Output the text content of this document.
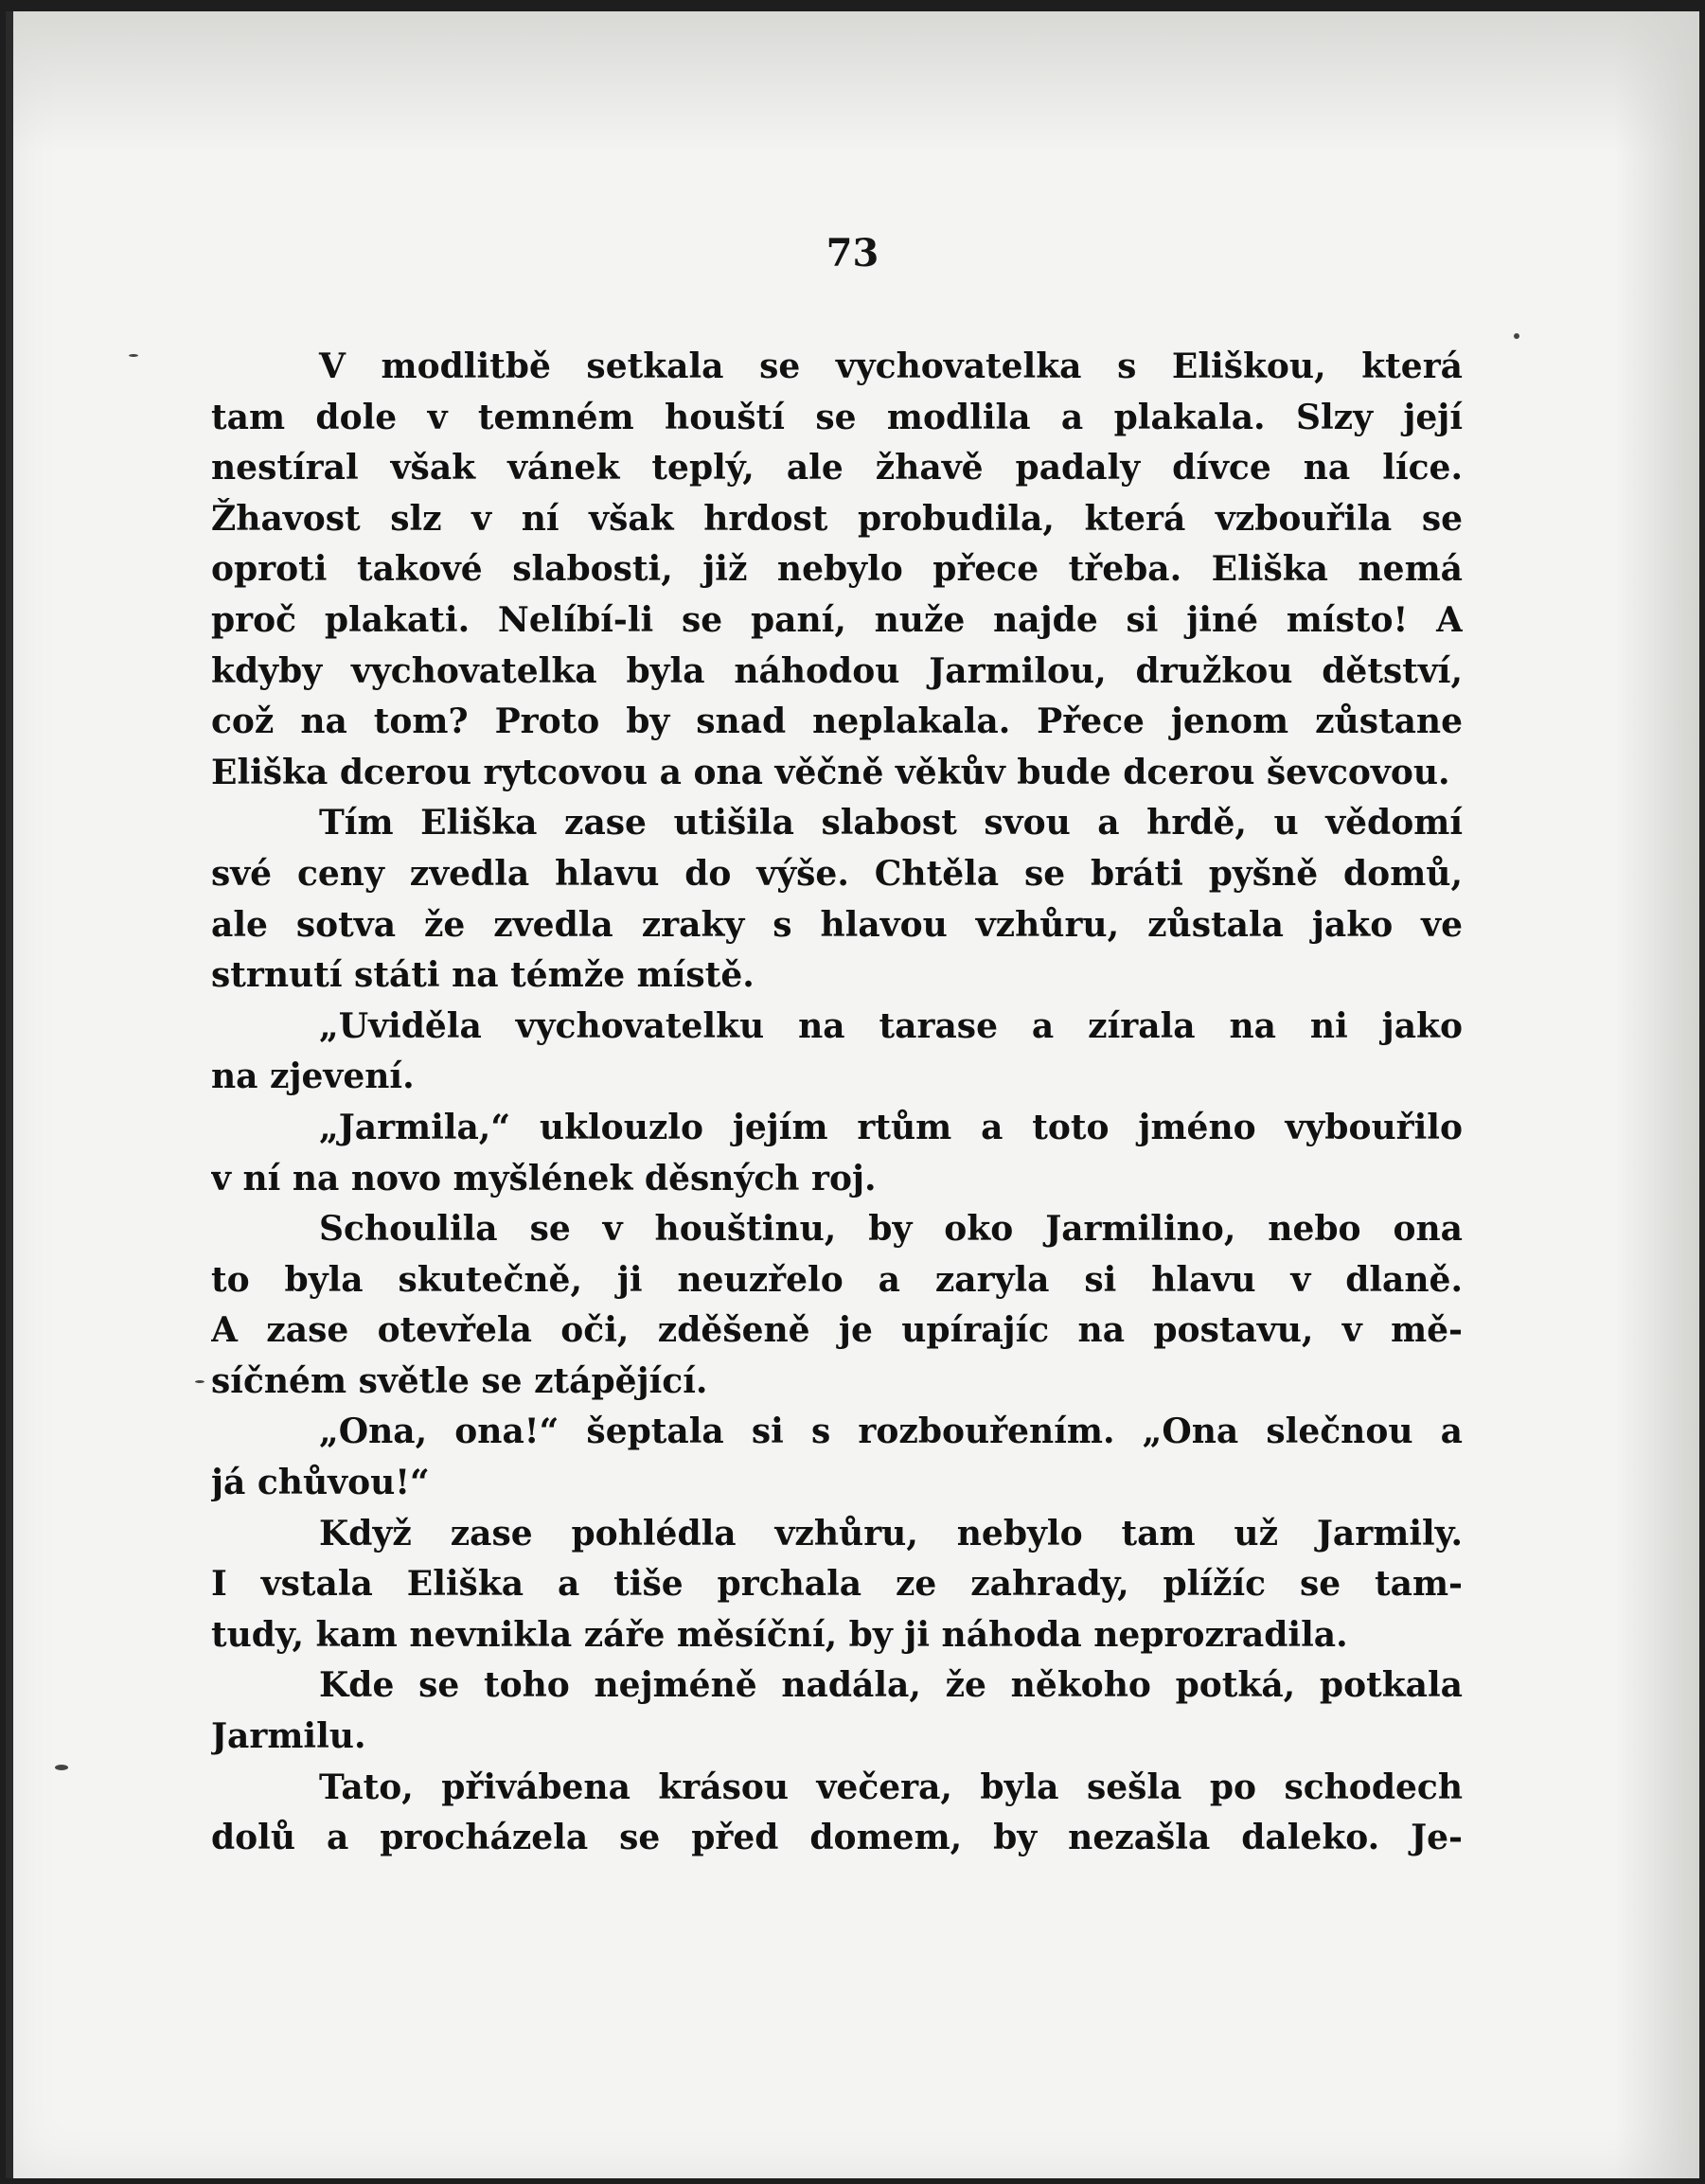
73

V modlitbě setkala se vychovatelka s Eliškou, která
tam dole v temném houští se modlila a plakala. Slzy její
nestíral však vánek teplý, ale žhavě padaly dívce na líce.
Žhavost slz v ní však hrdost probudila, která vzbouřila se
oproti takové slabosti, již nebylo přece třeba. Eliška nemá
proč plakati. Nelíbí-li se paní, nuže najde si jiné místo! A
kdyby vychovatelka byla náhodou Jarmilou, družkou dětství,
což na tom? Proto by snad neplakala. Přece jenom zůstane
Eliška dcerou rytcovou a ona věčně věkův bude dcerou ševcovou.
Tím Eliška zase utišila slabost svou a hrdě, u vědomí
své ceny zvedla hlavu do výše. Chtěla se bráti pyšně domů,
ale sotva že zvedla zraky s hlavou vzhůru, zůstala jako ve
strnutí státi na témže místě.
„Uviděla vychovatelku na tarase a zírala na ni jako
na zjevení.
„Jarmila,“ uklouzlo jejím rtům a toto jméno vybouřilo
v ní na novo myšlének děsných roj.
Schoulila se v houštinu, by oko Jarmilino, nebo ona
to byla skutečně, ji neuzřelo a zaryla si hlavu v dlaně.
A zase otevřela oči, zděšeně je upírajíc na postavu, v mě-
síčném světle se ztápějící.
„Ona, ona!“ šeptala si s rozbouřením. „Ona slečnou a
já chůvou!“
Když zase pohlédla vzhůru, nebylo tam už Jarmily.
I vstala Eliška a tiše prchala ze zahrady, plížíc se tam-
tudy, kam nevnikla záře měsíční, by ji náhoda neprozradila.
Kde se toho nejméně nadála, že někoho potká, potkala
Jarmilu.
Tato, přivábena krásou večera, byla sešla po schodech
dolů a procházela se před domem, by nezašla daleko. Je-
